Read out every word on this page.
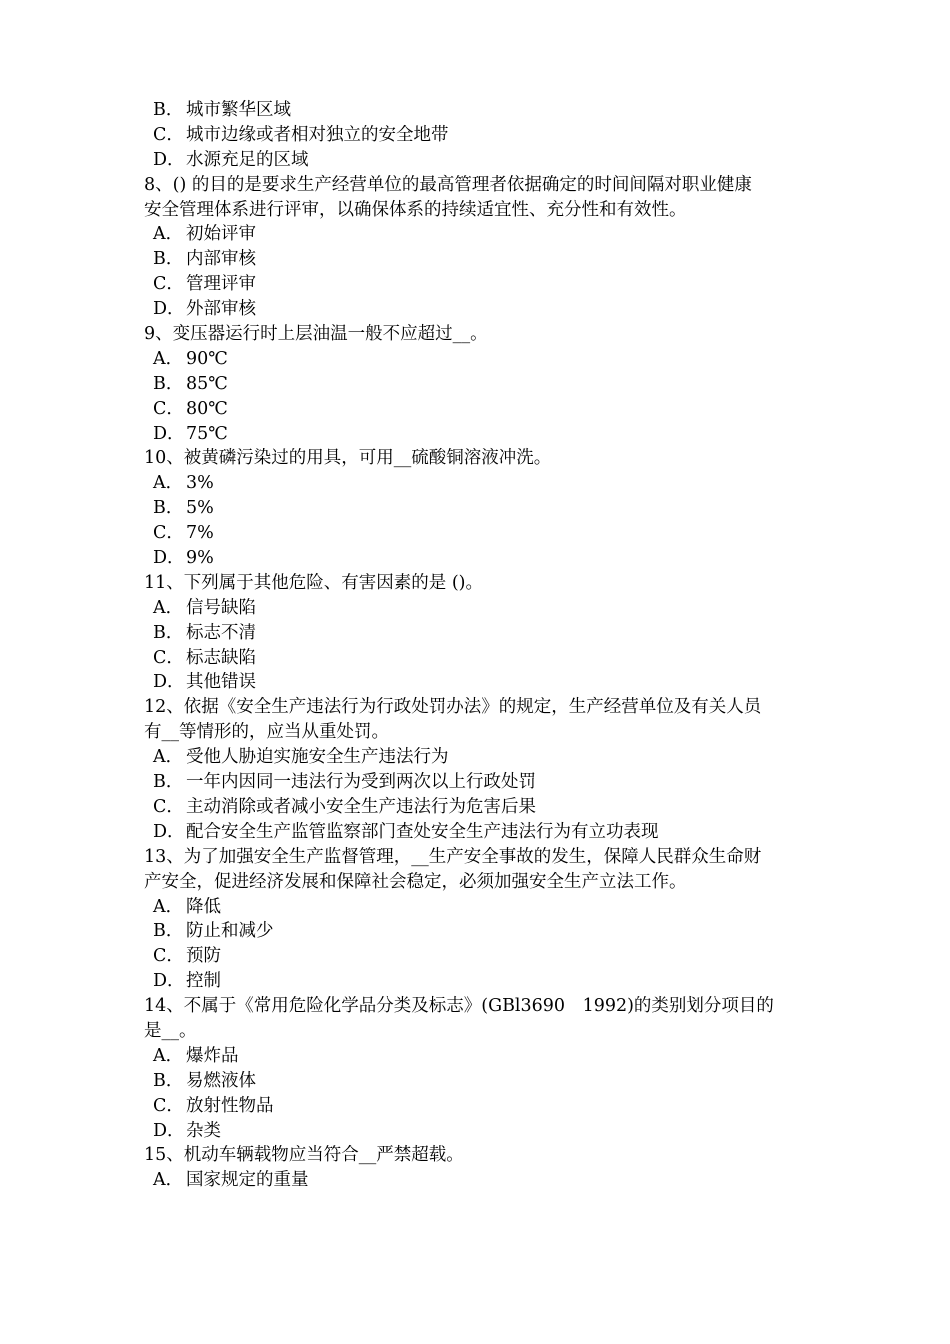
B． 城市繁华区域
C． 城市边缘或者相对独立的安全地带
D．水源充足的区域
8、() 的目的是要求生产经营单位的最高管理者依据确定的时间间隔对职业健康
安全管理体系进行评审，以确保体系的持续适宜性、充分性和有效性。
A． 初始评审
B． 内部审核
C． 管理评审
D．外部审核
9、变压器运行时上层油温一般不应超过__。
A． 90℃
B． 85℃
C． 80℃
D．75℃
10、被黄磷污染过的用具，可用__硫酸铜溶液冲洗。
A． 3%
B． 5%
C． 7%
D．9%
11、下列属于其他危险、有害因素的是 ()。
A． 信号缺陷
B． 标志不清
C． 标志缺陷
D．其他错误
12、依据《安全生产违法行为行政处罚办法》的规定，生产经营单位及有关人员
有__等情形的，应当从重处罚。
A． 受他人胁迫实施安全生产违法行为
B． 一年内因同一违法行为受到两次以上行政处罚
C． 主动消除或者减小安全生产违法行为危害后果
D．配合安全生产监管监察部门查处安全生产违法行为有立功表现
13、为了加强安全生产监督管理，__生产安全事故的发生，保障人民群众生命财
产安全，促进经济发展和保障社会稳定，必须加强安全生产立法工作。
A． 降低
B． 防止和减少
C． 预防
D．控制
14、不属于《常用危险化学品分类及标志》(GBl3690　1992)的类别划分项目的
是__。
A． 爆炸品
B． 易燃液体
C． 放射性物品
D．杂类
15、机动车辆载物应当符合__严禁超载。
A． 国家规定的重量
